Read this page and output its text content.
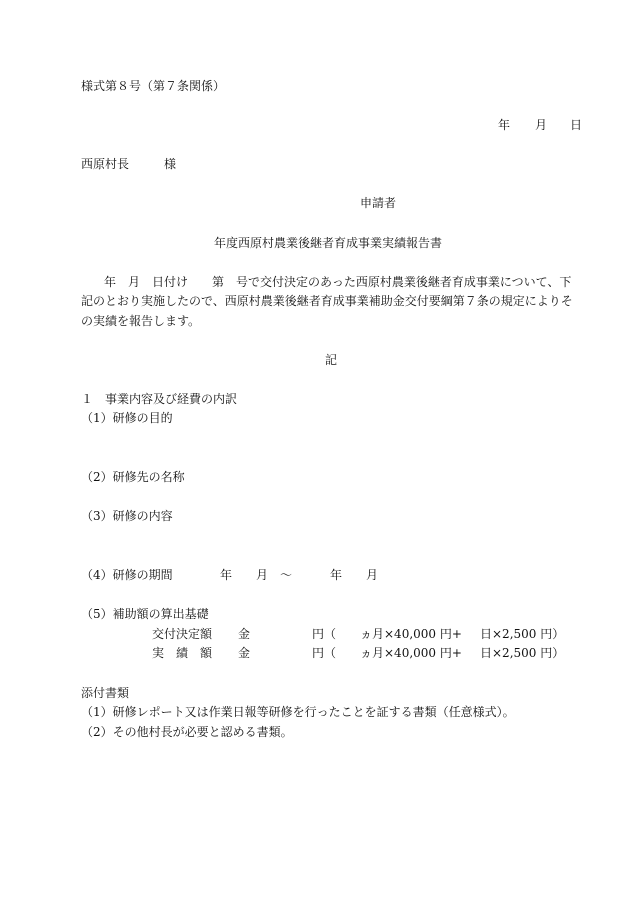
様式第８号（第７条関係）
年 月 日
西原村長	様
申請者
年度西原村農業後継者育成事業実績報告書
年 月 日付け 第 号で交付決定のあった西原村農業後継者育成事業について、下
記のとおり実施したので、西原村農業後継者育成事業補助金交付要綱第７条の規定によりそ
の実績を報告します。
記
１　事業内容及び経費の内訳
（1）研修の目的
（2）研修先の名称
（3）研修の内容
（4）研修の期間	年 月 ～	年 月
（5）補助額の算出基礎
交付決定額 金	円（ ヵ月×40,000 円+ 日×2,500 円）
実　績　額 金	円（ ヵ月×40,000 円+ 日×2,500 円）
添付書類
（1）研修レポート又は作業日報等研修を行ったことを証する書類（任意様式）。
（2）その他村長が必要と認める書類。
